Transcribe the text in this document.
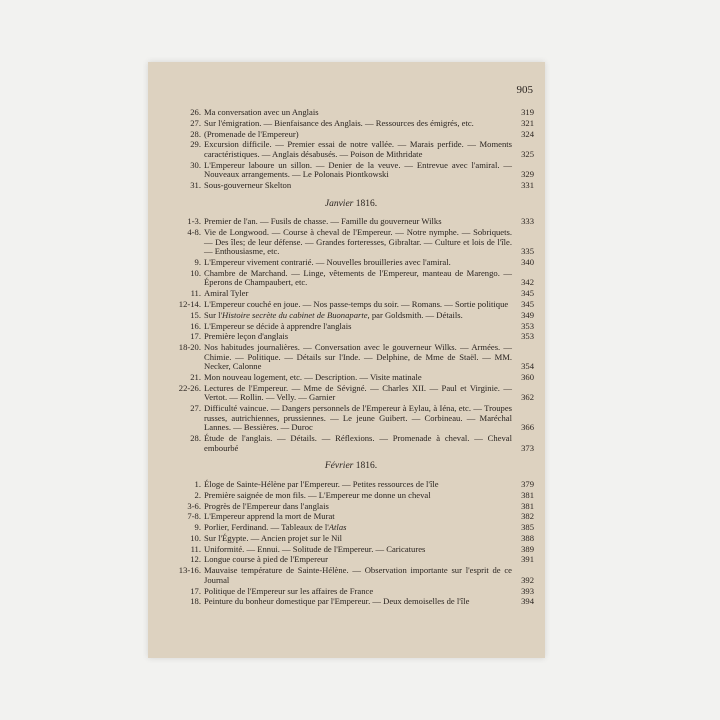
905
26. Ma conversation avec un Anglais	319
27. Sur l'émigration. — Bienfaisance des Anglais. — Ressources des émigrés, etc.	321
28. (Promenade de l'Empereur)	324
29. Excursion difficile. — Premier essai de notre vallée. — Marais perfide. — Moments caractéristiques. — Anglais désabusés. — Poison de Mithridate	325
30. L'Empereur laboure un sillon. — Denier de la veuve. — Entrevue avec l'amiral. — Nouveaux arrangements. — Le Polonais Piontkowski	329
31. Sous-gouverneur Skelton	331
Janvier 1816.
1-3. Premier de l'an. — Fusils de chasse. — Famille du gouverneur Wilks	333
4-8. Vie de Longwood. — Course à cheval de l'Empereur. — Notre nymphe. — Sobriquets. — Des îles; de leur défense. — Grandes forteresses, Gibraltar. — Culture et lois de l'île. — Enthousiasme, etc.	335
9. L'Empereur vivement contrarié. — Nouvelles brouilleries avec l'amiral.	340
10. Chambre de Marchand. — Linge, vêtements de l'Empereur, manteau de Marengo. — Éperons de Champaubert, etc.	342
11. Amiral Tyler	345
12-14. L'Empereur couché en joue. — Nos passe-temps du soir. — Romans. — Sortie politique	345
15. Sur l'Histoire secrète du cabinet de Buonaparte, par Goldsmith. — Détails.	349
16. L'Empereur se décide à apprendre l'anglais	353
17. Première leçon d'anglais	353
18-20. Nos habitudes journalières. — Conversation avec le gouverneur Wilks. — Armées. — Chimie. — Politique. — Détails sur l'Inde. — Delphine, de Mme de Staël. — MM. Necker, Calonne	354
21. Mon nouveau logement, etc. — Description. — Visite matinale	360
22-26. Lectures de l'Empereur. — Mme de Sévigné. — Charles XII. — Paul et Virginie. — Vertot. — Rollin. — Velly. — Garnier	362
27. Difficulté vaincue. — Dangers personnels de l'Empereur à Eylau, à Iéna, etc. — Troupes russes, autrichiennes, prussiennes. — Le jeune Guibert. — Corbineau. — Maréchal Lannes. — Bessières. — Duroc	366
28. Étude de l'anglais. — Détails. — Réflexions. — Promenade à cheval. — Cheval embourbé	373
Février 1816.
1. Éloge de Sainte-Hélène par l'Empereur. — Petites ressources de l'île	379
2. Première saignée de mon fils. — L'Empereur me donne un cheval	381
3-6. Progrès de l'Empereur dans l'anglais	381
7-8. L'Empereur apprend la mort de Murat	382
9. Porlier, Ferdinand. — Tableaux de l'Atlas	385
10. Sur l'Égypte. — Ancien projet sur le Nil	388
11. Uniformité. — Ennui. — Solitude de l'Empereur. — Caricatures	389
12. Longue course à pied de l'Empereur	391
13-16. Mauvaise température de Sainte-Hélène. — Observation importante sur l'esprit de ce Journal	392
17. Politique de l'Empereur sur les affaires de France	393
18. Peinture du bonheur domestique par l'Empereur. — Deux demoiselles de l'île	394
